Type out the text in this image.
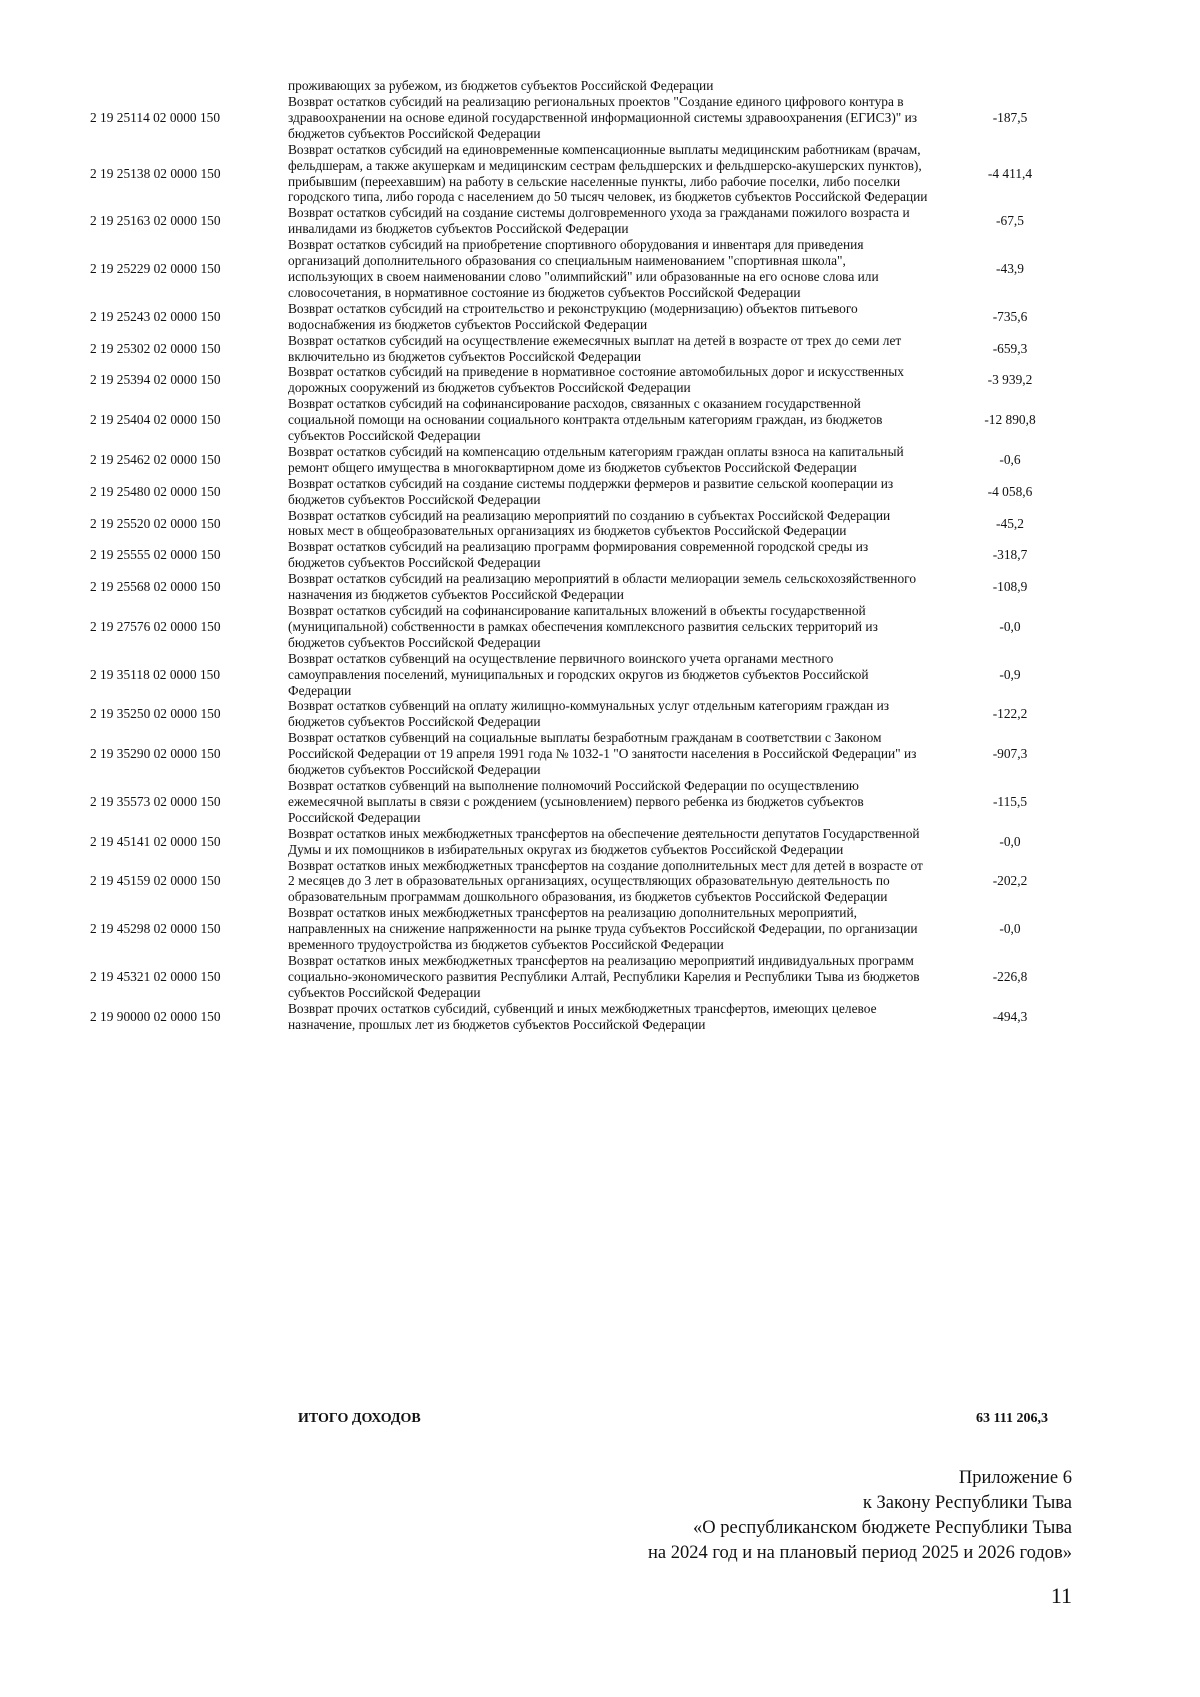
проживающих за рубежом, из бюджетов субъектов Российской Федерации
2 19 25114 02 0000 150
Возврат остатков субсидий на реализацию региональных проектов "Создание единого цифрового контура в здравоохранении на основе единой государственной информационной системы здравоохранения (ЕГИСЗ)" из бюджетов субъектов Российской Федерации
-187,5
2 19 25138 02 0000 150
Возврат остатков субсидий на единовременные компенсационные выплаты медицинским работникам (врачам, фельдшерам, а также акушеркам и медицинским сестрам фельдшерских и фельдшерско-акушерских пунктов), прибывшим (переехавшим) на работу в сельские населенные пункты, либо рабочие поселки, либо поселки городского типа, либо города с населением до 50 тысяч человек, из бюджетов субъектов Российской Федерации
-4 411,4
2 19 25163 02 0000 150
Возврат остатков субсидий на создание системы долговременного ухода за гражданами пожилого возраста и инвалидами из бюджетов субъектов Российской Федерации
-67,5
2 19 25229 02 0000 150
Возврат остатков субсидий на приобретение спортивного оборудования и инвентаря для приведения организаций дополнительного образования со специальным наименованием "спортивная школа", использующих в своем наименовании слово "олимпийский" или образованные на его основе слова или словосочетания, в нормативное состояние из бюджетов субъектов Российской Федерации
-43,9
2 19 25243 02 0000 150
Возврат остатков субсидий на строительство и реконструкцию (модернизацию) объектов питьевого водоснабжения из бюджетов субъектов Российской Федерации
-735,6
2 19 25302 02 0000 150
Возврат остатков субсидий на осуществление ежемесячных выплат на детей в возрасте от трех до семи лет включительно из бюджетов субъектов Российской Федерации
-659,3
2 19 25394 02 0000 150
Возврат остатков субсидий на приведение в нормативное состояние автомобильных дорог и искусственных дорожных сооружений из бюджетов субъектов Российской Федерации
-3 939,2
2 19 25404 02 0000 150
Возврат остатков субсидий на софинансирование расходов, связанных с оказанием государственной социальной помощи на основании социального контракта отдельным категориям граждан, из бюджетов субъектов Российской Федерации
-12 890,8
2 19 25462 02 0000 150
Возврат остатков субсидий на компенсацию отдельным категориям граждан оплаты взноса на капитальный ремонт общего имущества в многоквартирном доме из бюджетов субъектов Российской Федерации
-0,6
2 19 25480 02 0000 150
Возврат остатков субсидий на создание системы поддержки фермеров и развитие сельской кооперации из бюджетов субъектов Российской Федерации
-4 058,6
2 19 25520 02 0000 150
Возврат остатков субсидий на реализацию мероприятий по созданию в субъектах Российской Федерации новых мест в общеобразовательных организациях из бюджетов субъектов Российской Федерации
-45,2
2 19 25555 02 0000 150
Возврат остатков субсидий на реализацию программ формирования современной городской среды из бюджетов субъектов Российской Федерации
-318,7
2 19 25568 02 0000 150
Возврат остатков субсидий на реализацию мероприятий в области мелиорации земель сельскохозяйственного назначения из бюджетов субъектов Российской Федерации
-108,9
2 19 27576 02 0000 150
Возврат остатков субсидий на софинансирование капитальных вложений в объекты государственной (муниципальной) собственности в рамках обеспечения комплексного развития сельских территорий из бюджетов субъектов Российской Федерации
-0,0
2 19 35118 02 0000 150
Возврат остатков субвенций на осуществление первичного воинского учета органами местного самоуправления поселений, муниципальных и городских округов из бюджетов субъектов Российской Федерации
-0,9
2 19 35250 02 0000 150
Возврат остатков субвенций на оплату жилищно-коммунальных услуг отдельным категориям граждан из бюджетов субъектов Российской Федерации
-122,2
2 19 35290 02 0000 150
Возврат остатков субвенций на социальные выплаты безработным гражданам в соответствии с Законом Российской Федерации от 19 апреля 1991 года № 1032-1 "О занятости населения в Российской Федерации" из бюджетов субъектов Российской Федерации
-907,3
2 19 35573 02 0000 150
Возврат остатков субвенций на выполнение полномочий Российской Федерации по осуществлению ежемесячной выплаты в связи с рождением (усыновлением) первого ребенка из бюджетов субъектов Российской Федерации
-115,5
2 19 45141 02 0000 150
Возврат остатков иных межбюджетных трансфертов на обеспечение деятельности депутатов Государственной Думы и их помощников в избирательных округах из бюджетов субъектов Российской Федерации
-0,0
2 19 45159 02 0000 150
Возврат остатков иных межбюджетных трансфертов на создание дополнительных мест для детей в возрасте от 2 месяцев до 3 лет в образовательных организациях, осуществляющих образовательную деятельность по образовательным программам дошкольного образования, из бюджетов субъектов Российской Федерации
-202,2
2 19 45298 02 0000 150
Возврат остатков иных межбюджетных трансфертов на реализацию дополнительных мероприятий, направленных на снижение напряженности на рынке труда субъектов Российской Федерации, по организации временного трудоустройства из бюджетов субъектов Российской Федерации
-0,0
2 19 45321 02 0000 150
Возврат остатков иных межбюджетных трансфертов на реализацию мероприятий индивидуальных программ социально-экономического развития Республики Алтай, Республики Карелия и Республики Тыва из бюджетов субъектов Российской Федерации
-226,8
2 19 90000 02 0000 150
Возврат прочих остатков субсидий, субвенций и иных межбюджетных трансфертов, имеющих целевое назначение, прошлых лет из бюджетов субъектов Российской Федерации
-494,3
ИТОГО ДОХОДОВ	63 111 206,3
Приложение 6
к Закону Республики Тыва
«О республиканском бюджете Республики Тыва
на 2024 год и на плановый период 2025 и 2026 годов»
11
